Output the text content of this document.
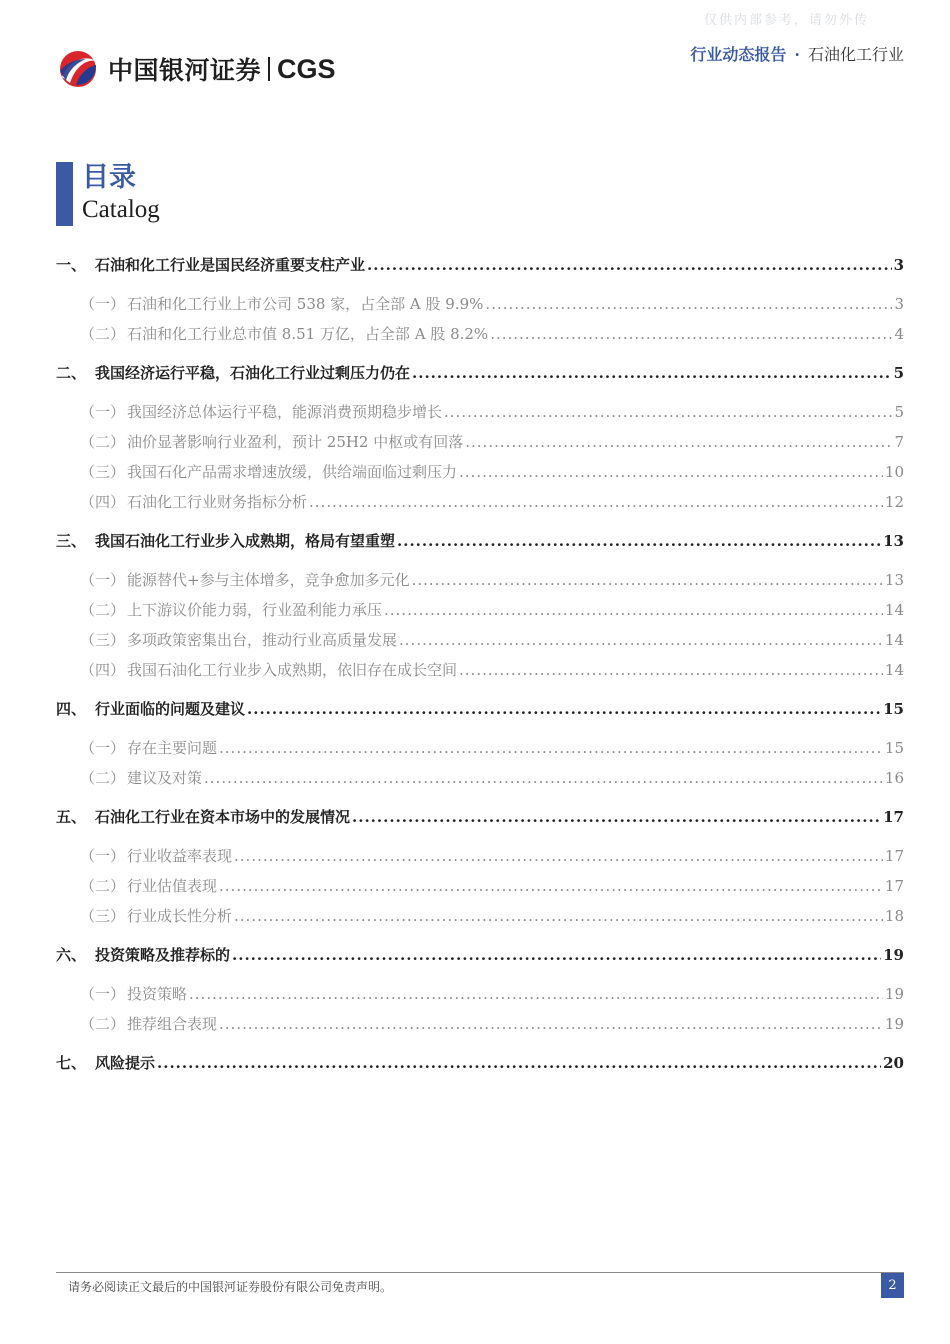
仅供内部参考，请勿外传
中国银河证券 CGS	行业动态报告 · 石油化工行业
目录
Catalog
一、 石油和化工行业是国民经济重要支柱产业 .....	3
（一） 石油和化工行业上市公司 538 家，占全部 A 股 9.9% .....	3
（二） 石油和化工行业总市值 8.51 万亿，占全部 A 股 8.2% .....	4
二、 我国经济运行平稳，石油化工行业过剩压力仍在 .....	5
（一） 我国经济总体运行平稳，能源消费预期稳步增长 .....	5
（二） 油价显著影响行业盈利，预计 25H2 中枢或有回落 .....	7
（三） 我国石化产品需求增速放缓，供给端面临过剩压力 .....	10
（四） 石油化工行业财务指标分析 .....	12
三、 我国石油化工行业步入成熟期，格局有望重塑 .....	13
（一） 能源替代+参与主体增多，竞争愈加多元化 .....	13
（二） 上下游议价能力弱，行业盈利能力承压 .....	14
（三） 多项政策密集出台，推动行业高质量发展 .....	14
（四） 我国石油化工行业步入成熟期，依旧存在成长空间 .....	14
四、 行业面临的问题及建议 .....	15
（一） 存在主要问题 .....	15
（二） 建议及对策 .....	16
五、 石油化工行业在资本市场中的发展情况 .....	17
（一） 行业收益率表现 .....	17
（二） 行业估值表现 .....	17
（三） 行业成长性分析 .....	18
六、 投资策略及推荐标的 .....	19
（一） 投资策略 .....	19
（二） 推荐组合表现 .....	19
七、 风险提示 .....	20
请务必阅读正文最后的中国银河证券股份有限公司免责声明。	2
